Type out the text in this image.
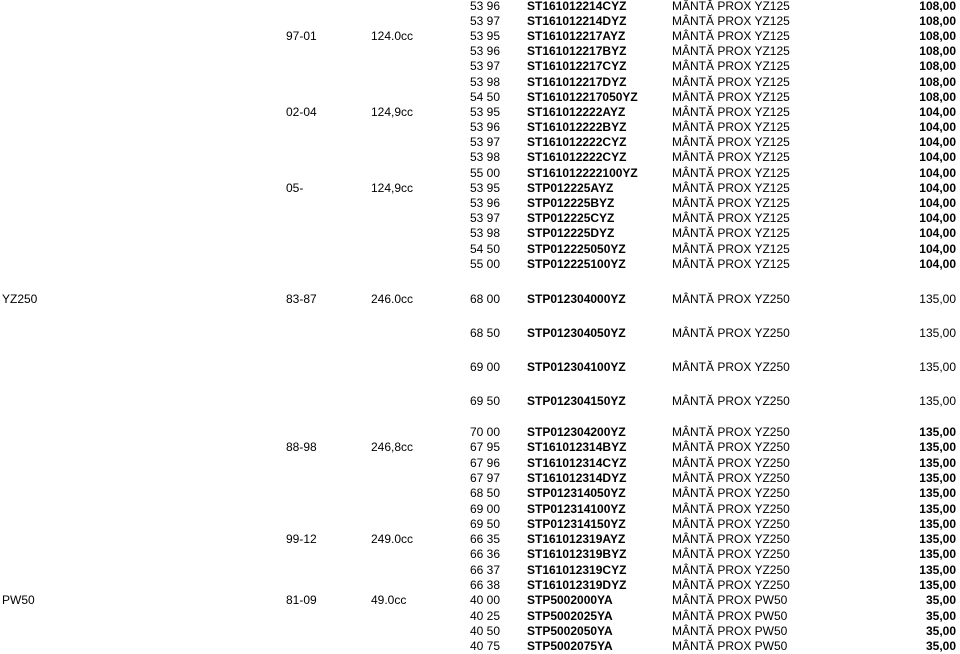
53 96 ST161012214CYZ	MÂNTĂ PROX YZ125	108,00
53 97 ST161012214DYZ	MÂNTĂ PROX YZ125	108,00
97-01	124.0cc	53 95 ST161012217AYZ	MÂNTĂ PROX YZ125	108,00
53 96 ST161012217BYZ	MÂNTĂ PROX YZ125	108,00
53 97 ST161012217CYZ	MÂNTĂ PROX YZ125	108,00
53 98 ST161012217DYZ	MÂNTĂ PROX YZ125	108,00
54 50 ST161012217050YZ	MÂNTĂ PROX YZ125	108,00
02-04	124,9cc	53 95 ST161012222AYZ	MÂNTĂ PROX YZ125	104,00
53 96 ST161012222BYZ	MÂNTĂ PROX YZ125	104,00
53 97 ST161012222CYZ	MÂNTĂ PROX YZ125	104,00
53 98 ST161012222CYZ	MÂNTĂ PROX YZ125	104,00
55 00 ST161012222100YZ	MÂNTĂ PROX YZ125	104,00
05-	124,9cc	53 95 STP012225AYZ	MÂNTĂ PROX YZ125	104,00
53 96 STP012225BYZ	MÂNTĂ PROX YZ125	104,00
53 97 STP012225CYZ	MÂNTĂ PROX YZ125	104,00
53 98 STP012225DYZ	MÂNTĂ PROX YZ125	104,00
54 50 STP012225050YZ	MÂNTĂ PROX YZ125	104,00
55 00 STP012225100YZ	MÂNTĂ PROX YZ125	104,00
YZ250	83-87	246.0cc	68 00 STP012304000YZ	MÂNTĂ PROX YZ250	135,00
68 50 STP012304050YZ	MÂNTĂ PROX YZ250	135,00
69 00 STP012304100YZ	MÂNTĂ PROX YZ250	135,00
69 50 STP012304150YZ	MÂNTĂ PROX YZ250	135,00
70 00 STP012304200YZ	MÂNTĂ PROX YZ250	135,00
88-98	246,8cc	67 95 ST161012314BYZ	MÂNTĂ PROX YZ250	135,00
67 96 ST161012314CYZ	MÂNTĂ PROX YZ250	135,00
67 97 ST161012314DYZ	MÂNTĂ PROX YZ250	135,00
68 50 STP012314050YZ	MÂNTĂ PROX YZ250	135,00
69 00 STP012314100YZ	MÂNTĂ PROX YZ250	135,00
69 50 STP012314150YZ	MÂNTĂ PROX YZ250	135,00
99-12	249.0cc	66 35 ST161012319AYZ	MÂNTĂ PROX YZ250	135,00
66 36 ST161012319BYZ	MÂNTĂ PROX YZ250	135,00
66 37 ST161012319CYZ	MÂNTĂ PROX YZ250	135,00
66 38 ST161012319DYZ	MÂNTĂ PROX YZ250	135,00
PW50	81-09	49.0cc	40 00 STP5002000YA	MÂNTĂ PROX PW50	35,00
40 25 STP5002025YA	MÂNTĂ PROX PW50	35,00
40 50 STP5002050YA	MÂNTĂ PROX PW50	35,00
40 75 STP5002075YA	MÂNTĂ PROX PW50	35,00
